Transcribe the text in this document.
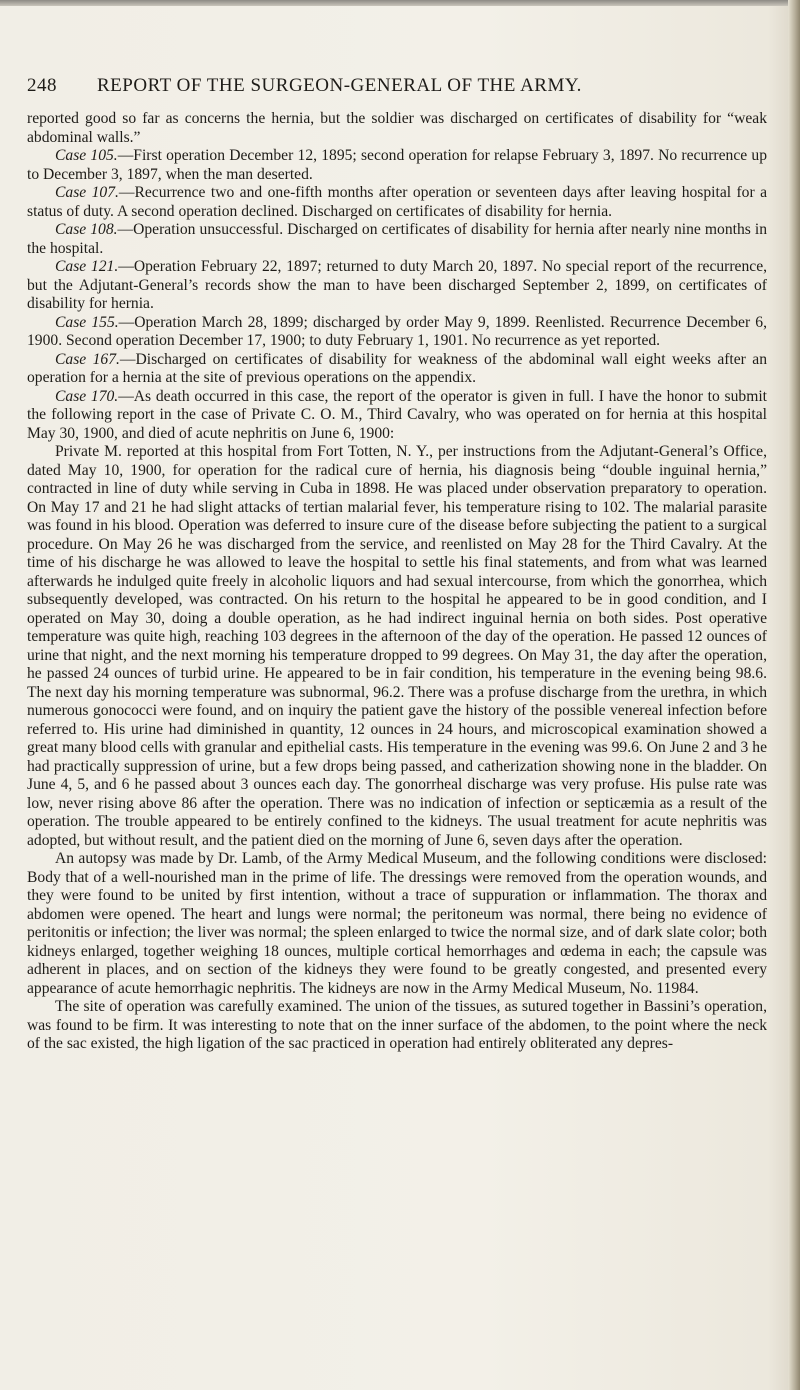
248 REPORT OF THE SURGEON-GENERAL OF THE ARMY.

reported good so far as concerns the hernia, but the soldier was discharged on certificates of disability for “weak abdominal walls.”

Case 105.—First operation December 12, 1895; second operation for relapse February 3, 1897. No recurrence up to December 3, 1897, when the man deserted.

Case 107.—Recurrence two and one-fifth months after operation or seventeen days after leaving hospital for a status of duty. A second operation declined. Discharged on certificates of disability for hernia.

Case 108.—Operation unsuccessful. Discharged on certificates of disability for hernia after nearly nine months in the hospital.

Case 121.—Operation February 22, 1897; returned to duty March 20, 1897. No special report of the recurrence, but the Adjutant-General’s records show the man to have been discharged September 2, 1899, on certificates of disability for hernia.

Case 155.—Operation March 28, 1899; discharged by order May 9, 1899. Reenlisted. Recurrence December 6, 1900. Second operation December 17, 1900; to duty February 1, 1901. No recurrence as yet reported.

Case 167.—Discharged on certificates of disability for weakness of the abdominal wall eight weeks after an operation for a hernia at the site of previous operations on the appendix.

Case 170.—As death occurred in this case, the report of the operator is given in full. I have the honor to submit the following report in the case of Private C. O. M., Third Cavalry, who was operated on for hernia at this hospital May 30, 1900, and died of acute nephritis on June 6, 1900:

Private M. reported at this hospital from Fort Totten, N. Y., per instructions from the Adjutant-General’s Office, dated May 10, 1900, for operation for the radical cure of hernia, his diagnosis being “double inguinal hernia,” contracted in line of duty while serving in Cuba in 1898. He was placed under observation preparatory to operation. On May 17 and 21 he had slight attacks of tertian malarial fever, his temperature rising to 102. The malarial parasite was found in his blood. Operation was deferred to insure cure of the disease before subjecting the patient to a surgical procedure. On May 26 he was discharged from the service, and reenlisted on May 28 for the Third Cavalry. At the time of his discharge he was allowed to leave the hospital to settle his final statements, and from what was learned afterwards he indulged quite freely in alcoholic liquors and had sexual intercourse, from which the gonorrhea, which subsequently developed, was contracted. On his return to the hospital he appeared to be in good condition, and I operated on May 30, doing a double operation, as he had indirect inguinal hernia on both sides. Post operative temperature was quite high, reaching 103 degrees in the afternoon of the day of the operation. He passed 12 ounces of urine that night, and the next morning his temperature dropped to 99 degrees. On May 31, the day after the operation, he passed 24 ounces of turbid urine. He appeared to be in fair condition, his temperature in the evening being 98.6. The next day his morning temperature was subnormal, 96.2. There was a profuse discharge from the urethra, in which numerous gonococci were found, and on inquiry the patient gave the history of the possible venereal infection before referred to. His urine had diminished in quantity, 12 ounces in 24 hours, and microscopical examination showed a great many blood cells with granular and epithelial casts. His temperature in the evening was 99.6. On June 2 and 3 he had practically suppression of urine, but a few drops being passed, and catherization showing none in the bladder. On June 4, 5, and 6 he passed about 3 ounces each day. The gonorrheal discharge was very profuse. His pulse rate was low, never rising above 86 after the operation. There was no indication of infection or septicæmia as a result of the operation. The trouble appeared to be entirely confined to the kidneys. The usual treatment for acute nephritis was adopted, but without result, and the patient died on the morning of June 6, seven days after the operation.

An autopsy was made by Dr. Lamb, of the Army Medical Museum, and the following conditions were disclosed: Body that of a well-nourished man in the prime of life. The dressings were removed from the operation wounds, and they were found to be united by first intention, without a trace of suppuration or inflammation. The thorax and abdomen were opened. The heart and lungs were normal; the peritoneum was normal, there being no evidence of peritonitis or infection; the liver was normal; the spleen enlarged to twice the normal size, and of dark slate color; both kidneys enlarged, together weighing 18 ounces, multiple cortical hemorrhages and œdema in each; the capsule was adherent in places, and on section of the kidneys they were found to be greatly congested, and presented every appearance of acute hemorrhagic nephritis. The kidneys are now in the Army Medical Museum, No. 11984.

The site of operation was carefully examined. The union of the tissues, as sutured together in Bassini’s operation, was found to be firm. It was interesting to note that on the inner surface of the abdomen, to the point where the neck of the sac existed, the high ligation of the sac practiced in operation had entirely obliterated any depres-
